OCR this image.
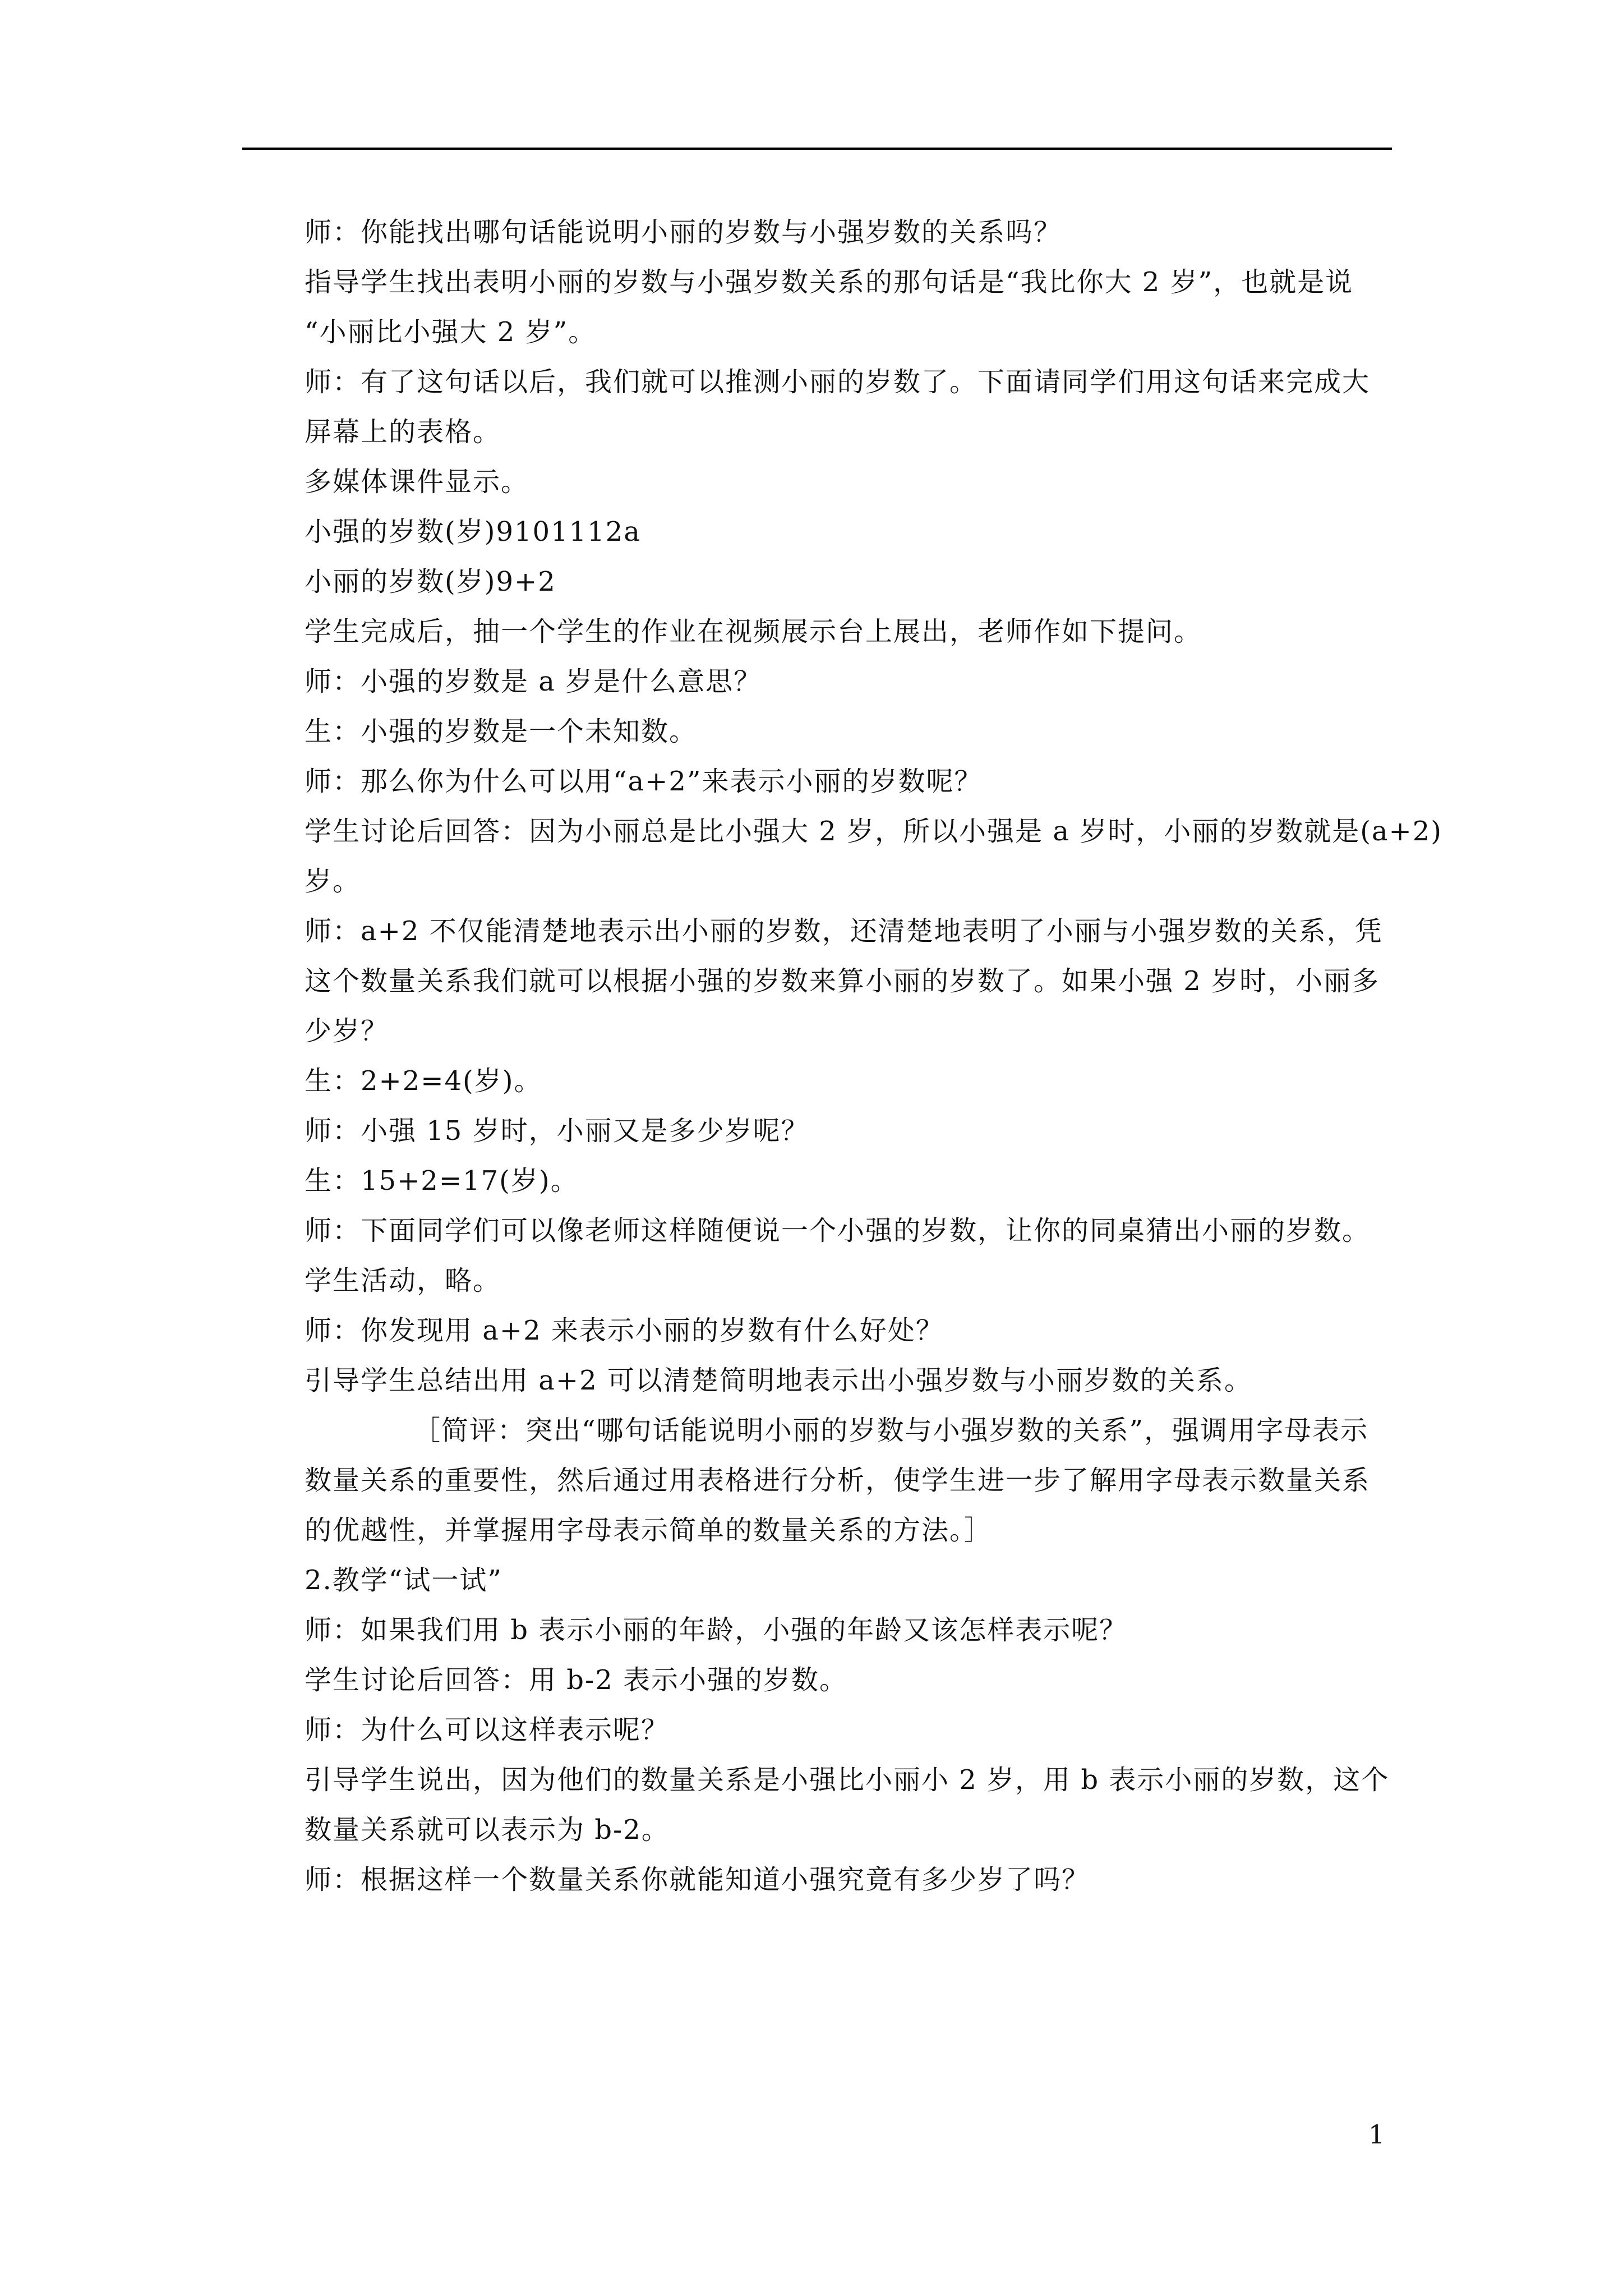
师：你能找出哪句话能说明小丽的岁数与小强岁数的关系吗？
指导学生找出表明小丽的岁数与小强岁数关系的那句话是“我比你大 2 岁”，也就是说
“小丽比小强大 2 岁”。
师：有了这句话以后，我们就可以推测小丽的岁数了。下面请同学们用这句话来完成大
屏幕上的表格。
多媒体课件显示。
小强的岁数(岁)9101112a
小丽的岁数(岁)9+2
学生完成后，抽一个学生的作业在视频展示台上展出，老师作如下提问。
师：小强的岁数是 a 岁是什么意思？
生：小强的岁数是一个未知数。
师：那么你为什么可以用“a+2”来表示小丽的岁数呢？
学生讨论后回答：因为小丽总是比小强大 2 岁，所以小强是 a 岁时，小丽的岁数就是(a+2)
岁。
师：a+2 不仅能清楚地表示出小丽的岁数，还清楚地表明了小丽与小强岁数的关系，凭
这个数量关系我们就可以根据小强的岁数来算小丽的岁数了。如果小强 2 岁时，小丽多
少岁？
生：2+2=4(岁)。
师：小强 15 岁时，小丽又是多少岁呢？
生：15+2=17(岁)。
师：下面同学们可以像老师这样随便说一个小强的岁数，让你的同桌猜出小丽的岁数。
学生活动，略。
师：你发现用 a+2 来表示小丽的岁数有什么好处？
引导学生总结出用 a+2 可以清楚简明地表示出小强岁数与小丽岁数的关系。
［简评：突出“哪句话能说明小丽的岁数与小强岁数的关系”，强调用字母表示
数量关系的重要性，然后通过用表格进行分析，使学生进一步了解用字母表示数量关系
的优越性，并掌握用字母表示简单的数量关系的方法。］
2.教学“试一试”
师：如果我们用 b 表示小丽的年龄，小强的年龄又该怎样表示呢？
学生讨论后回答：用 b-2 表示小强的岁数。
师：为什么可以这样表示呢？
引导学生说出，因为他们的数量关系是小强比小丽小 2 岁，用 b 表示小丽的岁数，这个
数量关系就可以表示为 b-2。
师：根据这样一个数量关系你就能知道小强究竟有多少岁了吗？
1
